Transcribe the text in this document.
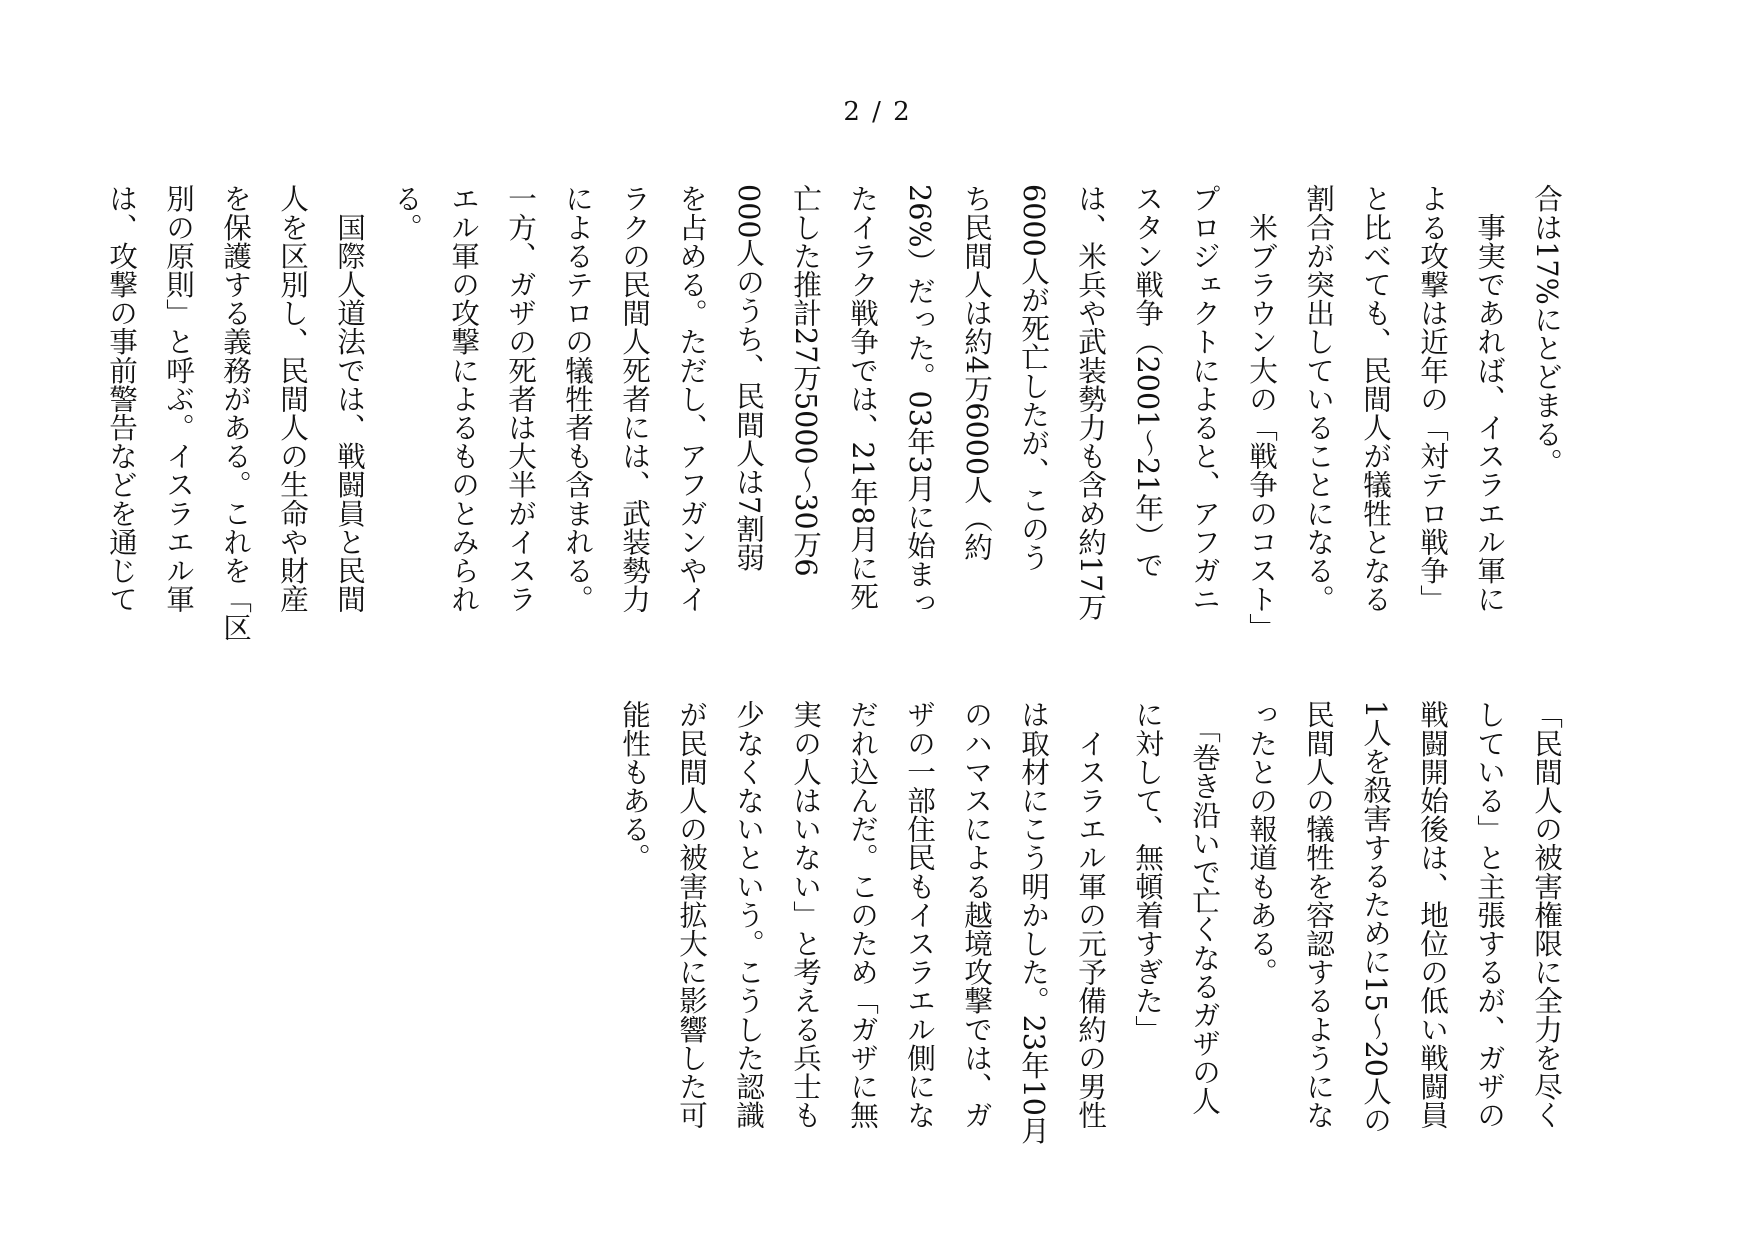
2 / 2
合は17%にとどまる。
　事実であれば、イスラエル軍に
よる攻撃は近年の「対テロ戦争」
と比べても、民間人が犠牲となる
割合が突出していることになる。
　米ブラウン大の「戦争のコスト」
プロジェクトによると、アフガニ
スタン戦争（2001〜21年）で
は、米兵や武装勢力も含め約17万
6000人が死亡したが、このう
ち民間人は約4万6000人（約
26%）だった。03年3月に始まっ
たイラク戦争では、21年8月に死
亡した推計27万5000〜30万6
000人のうち、民間人は7割弱
を占める。ただし、アフガンやイ
ラクの民間人死者には、武装勢力
によるテロの犠牲者も含まれる。
一方、ガザの死者は大半がイスラ
エル軍の攻撃によるものとみられ
る。
　国際人道法では、戦闘員と民間
人を区別し、民間人の生命や財産
を保護する義務がある。これを「区
別の原則」と呼ぶ。イスラエル軍
は、攻撃の事前警告などを通じて
「民間人の被害権限に全力を尽く
している」と主張するが、ガザの
戦闘開始後は、地位の低い戦闘員
1人を殺害するために15〜20人の
民間人の犠牲を容認するようにな
ったとの報道もある。
　「巻き沿いで亡くなるガザの人
に対して、無頓着すぎた」
　イスラエル軍の元予備約の男性
は取材にこう明かした。23年10月
のハマスによる越境攻撃では、ガ
ザの一部住民もイスラエル側にな
だれ込んだ。このため「ガザに無
実の人はいない」と考える兵士も
少なくないという。こうした認識
が民間人の被害拡大に影響した可
能性もある。
